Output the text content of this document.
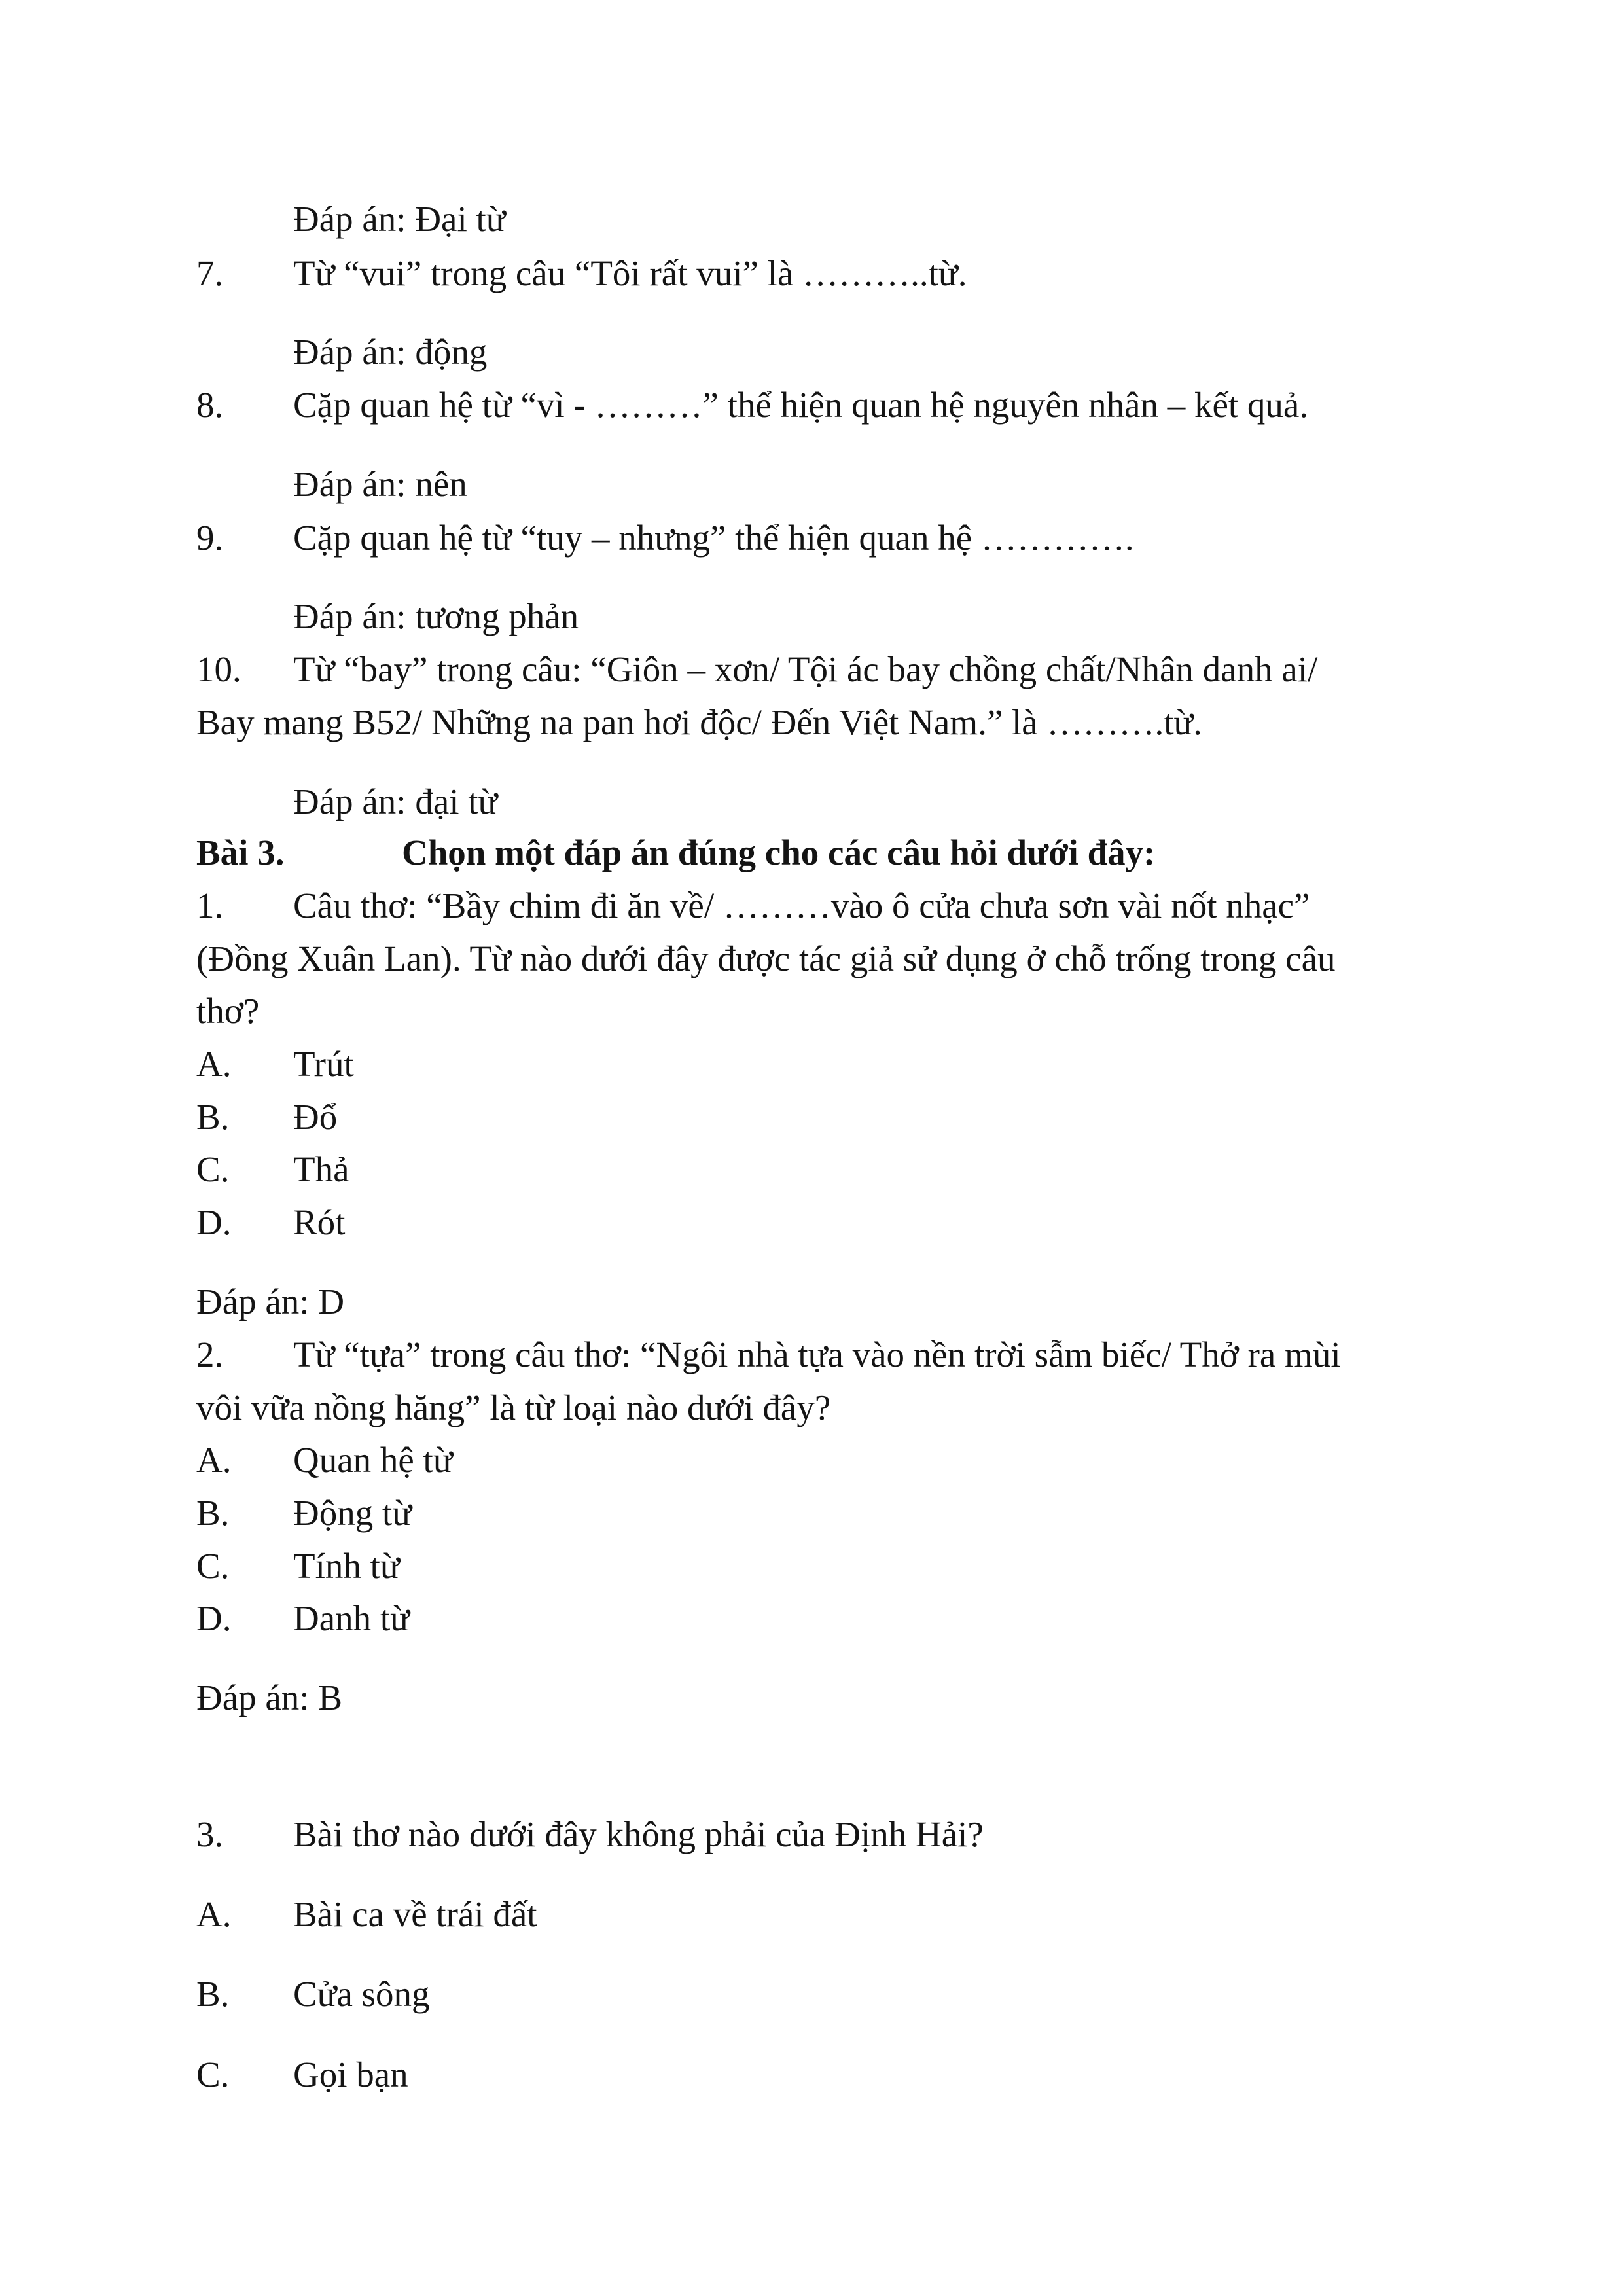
Đáp án: Đại từ
7. Từ “vui” trong câu “Tôi rất vui” là ………..từ.
Đáp án: động
8. Cặp quan hệ từ “vì - ………” thể hiện quan hệ nguyên nhân – kết quả.
Đáp án: nên
9. Cặp quan hệ từ “tuy – nhưng” thể hiện quan hệ ………….
Đáp án: tương phản
10. Từ “bay” trong câu: “Giôn – xơn/ Tội ác bay chồng chất/Nhân danh ai/
Bay mang B52/ Những na pan hơi độc/ Đến Việt Nam.” là ……….từ.
Đáp án: đại từ
Bài 3.	Chọn một đáp án đúng cho các câu hỏi dưới đây:
1. Câu thơ: “Bầy chim đi ăn về/ ………vào ô cửa chưa sơn vài nốt nhạc”
(Đồng Xuân Lan). Từ nào dưới đây được tác giả sử dụng ở chỗ trống trong câu
thơ?
A. Trút
B. Đổ
C. Thả
D. Rót
Đáp án: D
2. Từ “tựa” trong câu thơ: “Ngôi nhà tựa vào nền trời sẫm biếc/ Thở ra mùi
vôi vữa nồng hăng” là từ loại nào dưới đây?
A. Quan hệ từ
B. Động từ
C. Tính từ
D. Danh từ
Đáp án: B
3. Bài thơ nào dưới đây không phải của Định Hải?
A. Bài ca về trái đất
B. Cửa sông
C. Gọi bạn
